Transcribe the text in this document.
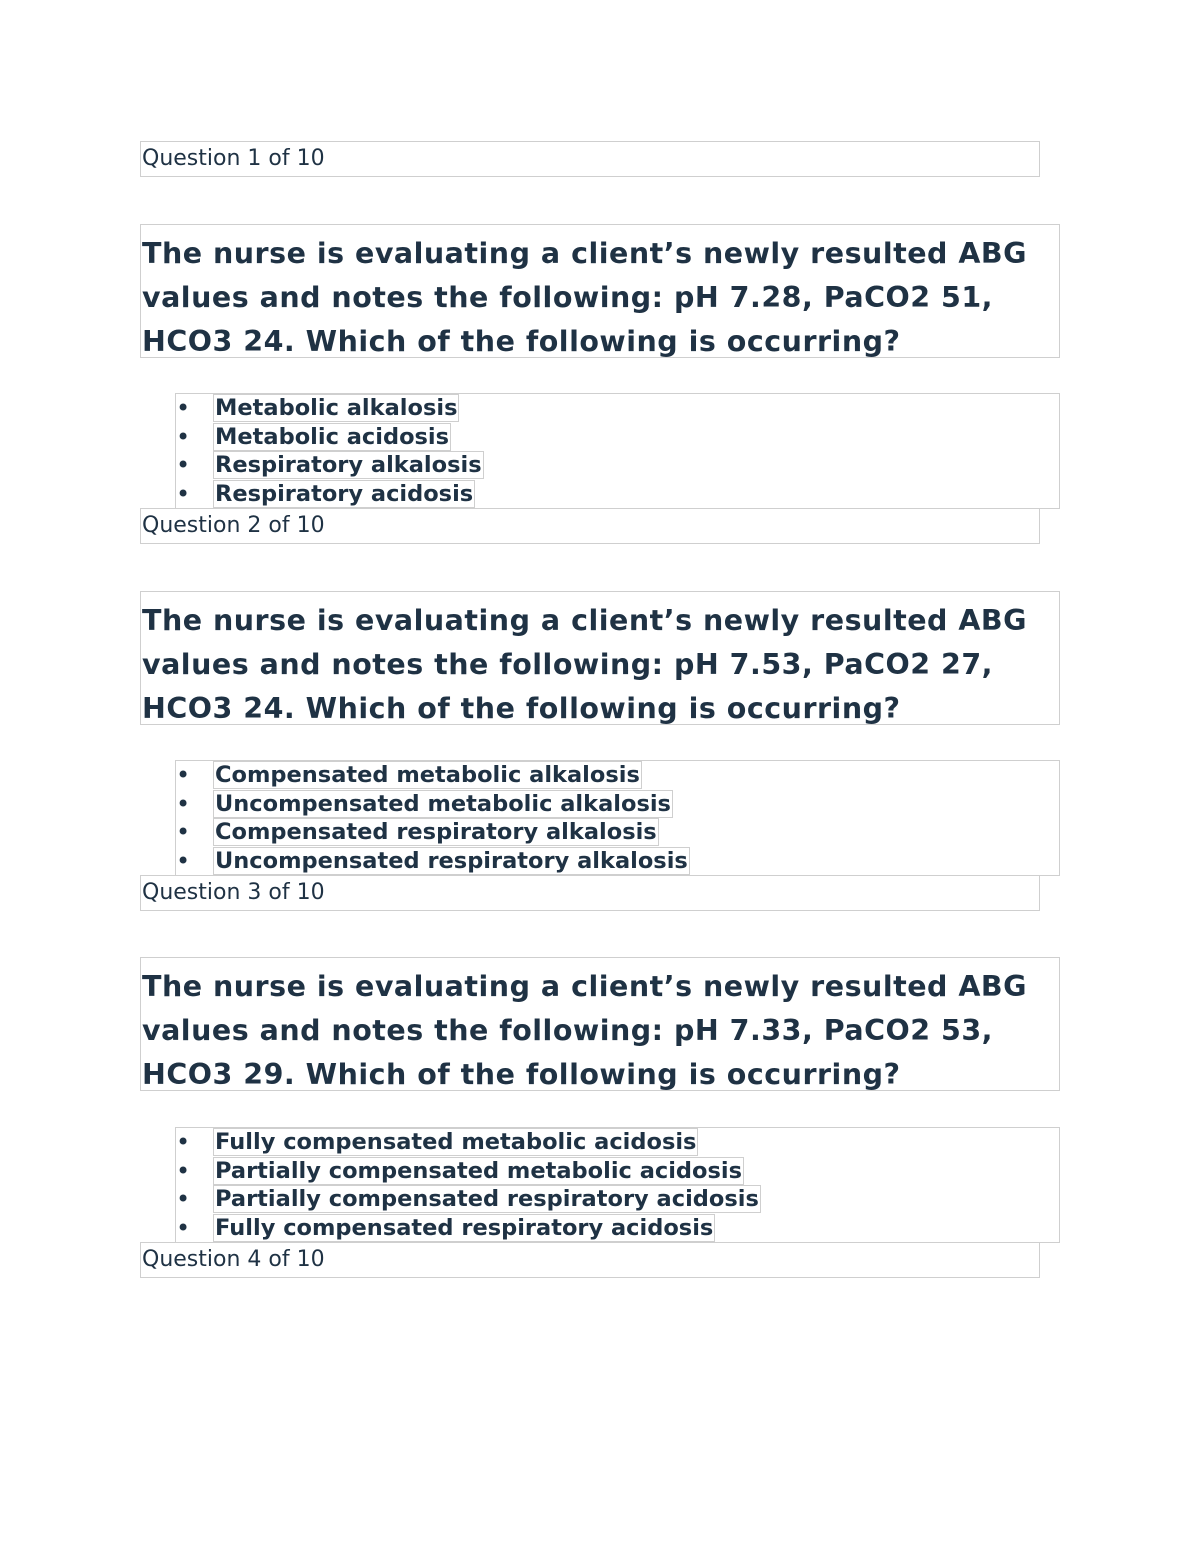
Question 1 of 10
The nurse is evaluating a client’s newly resulted ABG
values and notes the following: pH 7.28, PaCO2 51,
HCO3 24. Which of the following is occurring?
• Metabolic alkalosis
• Metabolic acidosis
• Respiratory alkalosis
• Respiratory acidosis
Question 2 of 10
The nurse is evaluating a client’s newly resulted ABG
values and notes the following: pH 7.53, PaCO2 27,
HCO3 24. Which of the following is occurring?
• Compensated metabolic alkalosis
• Uncompensated metabolic alkalosis
• Compensated respiratory alkalosis
• Uncompensated respiratory alkalosis
Question 3 of 10
The nurse is evaluating a client’s newly resulted ABG
values and notes the following: pH 7.33, PaCO2 53,
HCO3 29. Which of the following is occurring?
• Fully compensated metabolic acidosis
• Partially compensated metabolic acidosis
• Partially compensated respiratory acidosis
• Fully compensated respiratory acidosis
Question 4 of 10
